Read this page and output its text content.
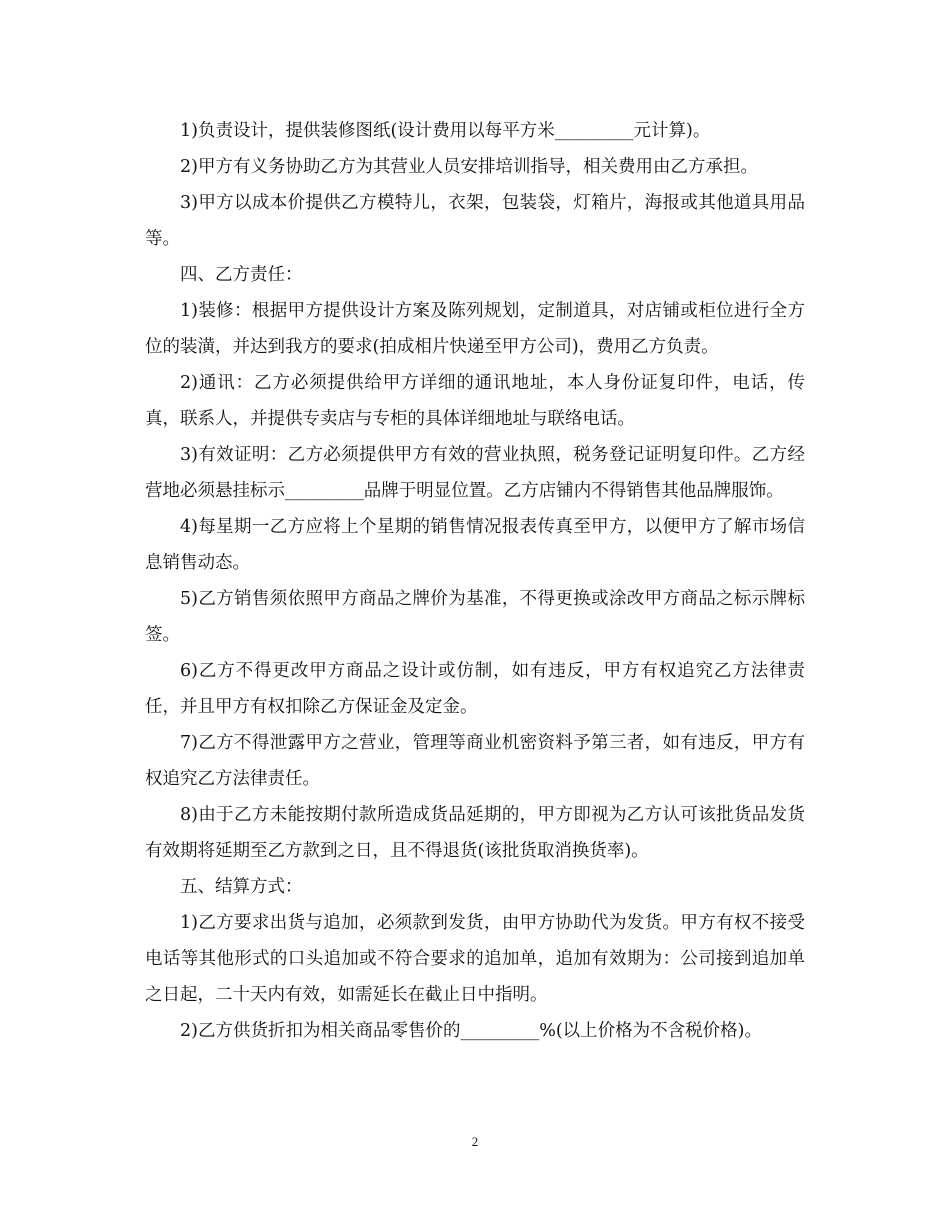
1)负责设计，提供装修图纸(设计费用以每平方米_________元计算)。

2)甲方有义务协助乙方为其营业人员安排培训指导，相关费用由乙方承担。

3)甲方以成本价提供乙方模特儿，衣架，包装袋，灯箱片，海报或其他道具用品等。

四、乙方责任：

1)装修：根据甲方提供设计方案及陈列规划，定制道具，对店铺或柜位进行全方位的装潢，并达到我方的要求(拍成相片快递至甲方公司)，费用乙方负责。

2)通讯：乙方必须提供给甲方详细的通讯地址，本人身份证复印件，电话，传真，联系人，并提供专卖店与专柜的具体详细地址与联络电话。

3)有效证明：乙方必须提供甲方有效的营业执照，税务登记证明复印件。乙方经营地必须悬挂标示_________品牌于明显位置。乙方店铺内不得销售其他品牌服饰。

4)每星期一乙方应将上个星期的销售情况报表传真至甲方，以便甲方了解市场信息销售动态。

5)乙方销售须依照甲方商品之牌价为基准，不得更换或涂改甲方商品之标示牌标签。

6)乙方不得更改甲方商品之设计或仿制，如有违反，甲方有权追究乙方法律责任，并且甲方有权扣除乙方保证金及定金。

7)乙方不得泄露甲方之营业，管理等商业机密资料予第三者，如有违反，甲方有权追究乙方法律责任。

8)由于乙方未能按期付款所造成货品延期的，甲方即视为乙方认可该批货品发货有效期将延期至乙方款到之日，且不得退货(该批货取消换货率)。

五、结算方式：

1)乙方要求出货与追加，必须款到发货，由甲方协助代为发货。甲方有权不接受电话等其他形式的口头追加或不符合要求的追加单，追加有效期为：公司接到追加单之日起，二十天内有效，如需延长在截止日中指明。

2)乙方供货折扣为相关商品零售价的_________%(以上价格为不含税价格)。

2
